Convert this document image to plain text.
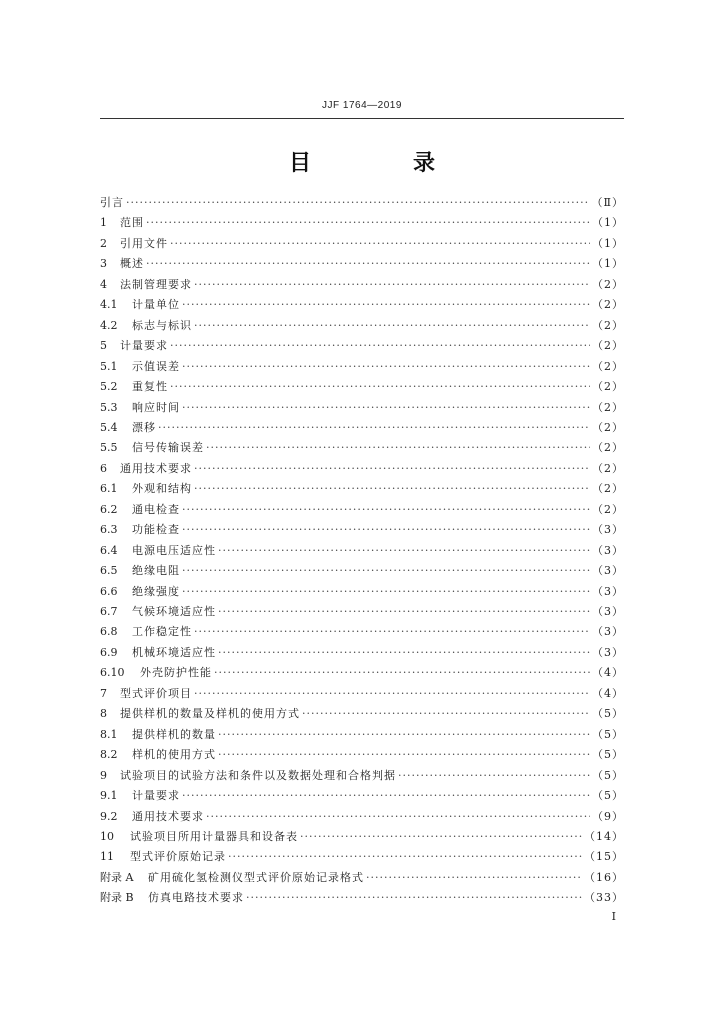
JJF 1764—2019
目　录
引言 ·····	（Ⅱ）
1	范围 ·····	（1）
2	引用文件 ·····	（1）
3	概述 ·····	（1）
4	法制管理要求 ·····	（2）
4.1	计量单位 ·····	（2）
4.2	标志与标识 ·····	（2）
5	计量要求 ·····	（2）
5.1	示值误差 ·····	（2）
5.2	重复性 ·····	（2）
5.3	响应时间 ·····	（2）
5.4	漂移 ·····	（2）
5.5	信号传输误差 ·····	（2）
6	通用技术要求 ·····	（2）
6.1	外观和结构 ·····	（2）
6.2	通电检查 ·····	（2）
6.3	功能检查 ·····	（3）
6.4	电源电压适应性 ·····	（3）
6.5	绝缘电阻 ·····	（3）
6.6	绝缘强度 ·····	（3）
6.7	气候环境适应性 ·····	（3）
6.8	工作稳定性 ·····	（3）
6.9	机械环境适应性 ·····	（3）
6.10	外壳防护性能 ·····	（4）
7	型式评价项目 ·····	（4）
8	提供样机的数量及样机的使用方式 ·····	（5）
8.1	提供样机的数量 ·····	（5）
8.2	样机的使用方式 ·····	（5）
9	试验项目的试验方法和条件以及数据处理和合格判据 ·····	（5）
9.1	计量要求 ·····	（5）
9.2	通用技术要求 ·····	（9）
10	试验项目所用计量器具和设备表 ·····	（14）
11	型式评价原始记录 ·····	（15）
附录 A	矿用硫化氢检测仪型式评价原始记录格式 ·····	（16）
附录 B	仿真电路技术要求 ·····	（33）
Ⅰ
